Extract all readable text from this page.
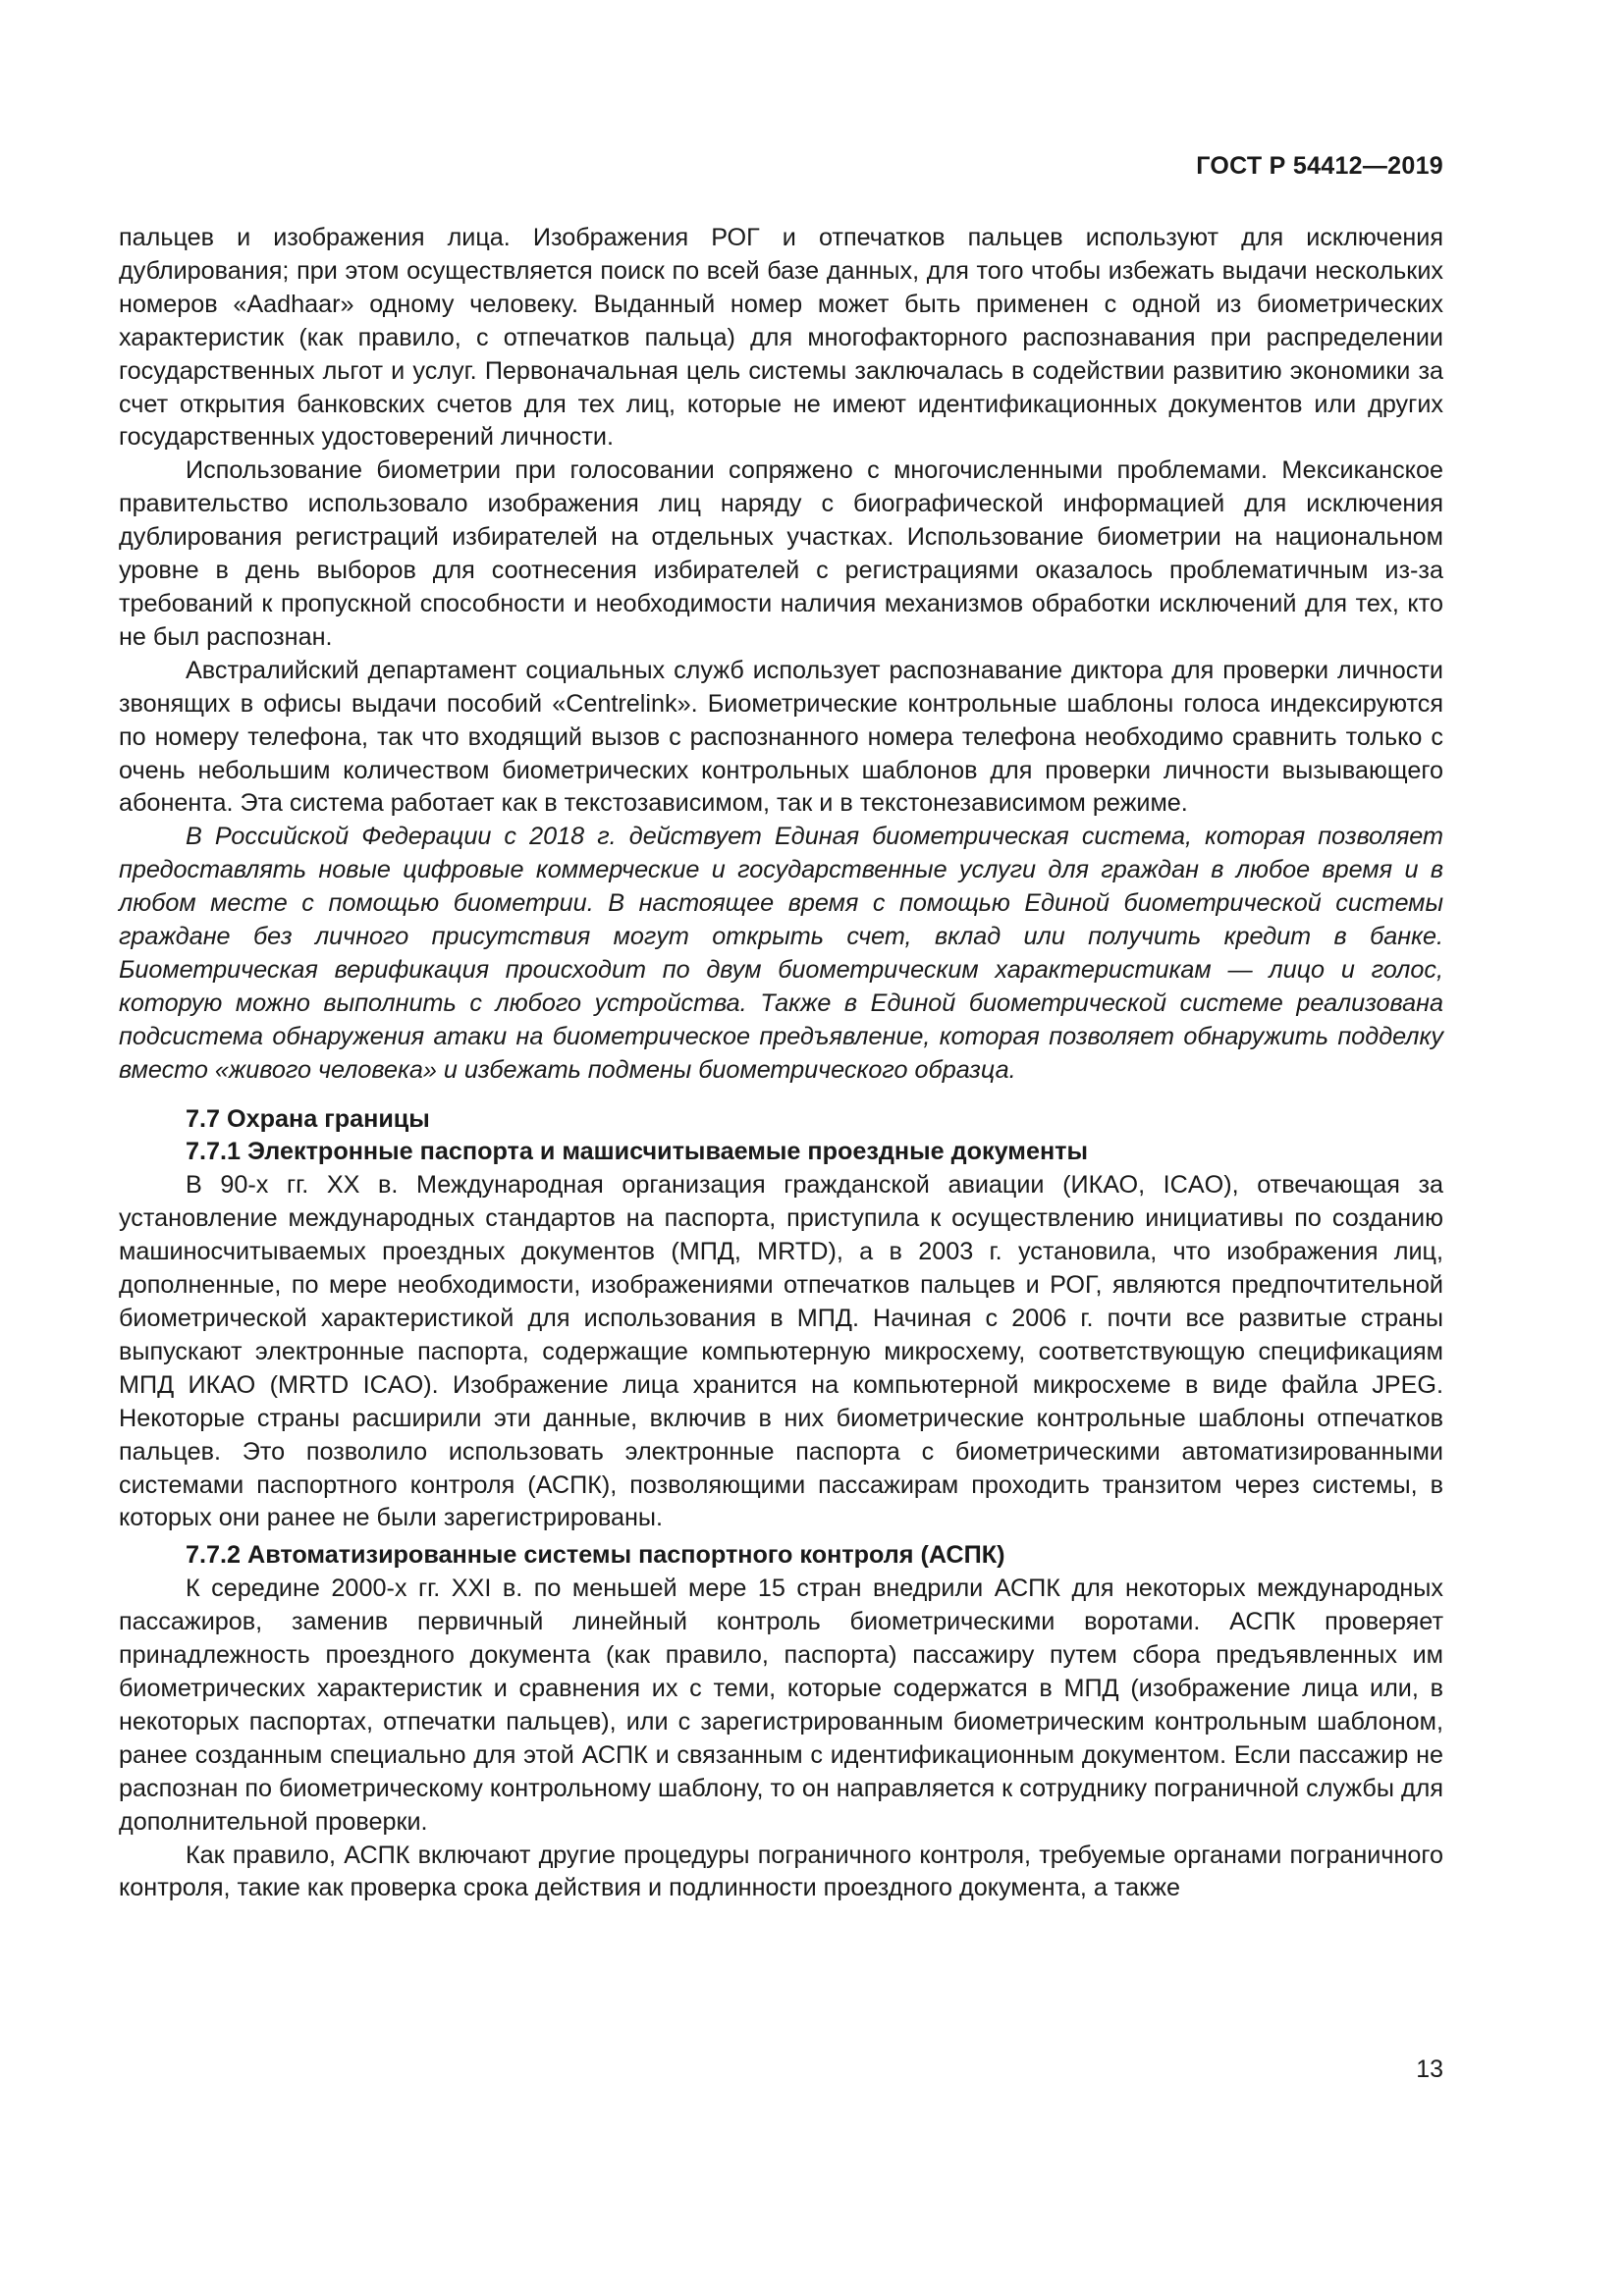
ГОСТ Р 54412—2019

пальцев и изображения лица. Изображения РОГ и отпечатков пальцев используют для исключения дублирования; при этом осуществляется поиск по всей базе данных, для того чтобы избежать выдачи нескольких номеров «Aadhaar» одному человеку. Выданный номер может быть применен с одной из биометрических характеристик (как правило, с отпечатков пальца) для многофакторного распознавания при распределении государственных льгот и услуг. Первоначальная цель системы заключалась в содействии развитию экономики за счет открытия банковских счетов для тех лиц, которые не имеют идентификационных документов или других государственных удостоверений личности.

Использование биометрии при голосовании сопряжено с многочисленными проблемами. Мексиканское правительство использовало изображения лиц наряду с биографической информацией для исключения дублирования регистраций избирателей на отдельных участках. Использование биометрии на национальном уровне в день выборов для соотнесения избирателей с регистрациями оказалось проблематичным из-за требований к пропускной способности и необходимости наличия механизмов обработки исключений для тех, кто не был распознан.

Австралийский департамент социальных служб использует распознавание диктора для проверки личности звонящих в офисы выдачи пособий «Centrelink». Биометрические контрольные шаблоны голоса индексируются по номеру телефона, так что входящий вызов с распознанного номера телефона необходимо сравнить только с очень небольшим количеством биометрических контрольных шаблонов для проверки личности вызывающего абонента. Эта система работает как в текстозависимом, так и в текстонезависимом режиме.

В Российской Федерации с 2018 г. действует Единая биометрическая система, которая позволяет предоставлять новые цифровые коммерческие и государственные услуги для граждан в любое время и в любом месте с помощью биометрии. В настоящее время с помощью Единой биометрической системы граждане без личного присутствия могут открыть счет, вклад или получить кредит в банке. Биометрическая верификация происходит по двум биометрическим характеристикам — лицо и голос, которую можно выполнить с любого устройства. Также в Единой биометрической системе реализована подсистема обнаружения атаки на биометрическое предъявление, которая позволяет обнаружить подделку вместо «живого человека» и избежать подмены биометрического образца.

7.7 Охрана границы

7.7.1 Электронные паспорта и машисчитываемые проездные документы

В 90-х гг. XX в. Международная организация гражданской авиации (ИКАО, ICAO), отвечающая за установление международных стандартов на паспорта, приступила к осуществлению инициативы по созданию машиносчитываемых проездных документов (МПД, MRTD), а в 2003 г. установила, что изображения лиц, дополненные, по мере необходимости, изображениями отпечатков пальцев и РОГ, являются предпочтительной биометрической характеристикой для использования в МПД. Начиная с 2006 г. почти все развитые страны выпускают электронные паспорта, содержащие компьютерную микросхему, соответствующую спецификациям МПД ИКАО (MRTD ICAO). Изображение лица хранится на компьютерной микросхеме в виде файла JPEG. Некоторые страны расширили эти данные, включив в них биометрические контрольные шаблоны отпечатков пальцев. Это позволило использовать электронные паспорта с биометрическими автоматизированными системами паспортного контроля (АСПК), позволяющими пассажирам проходить транзитом через системы, в которых они ранее не были зарегистрированы.

7.7.2 Автоматизированные системы паспортного контроля (АСПК)

К середине 2000-х гг. XXI в. по меньшей мере 15 стран внедрили АСПК для некоторых международных пассажиров, заменив первичный линейный контроль биометрическими воротами. АСПК проверяет принадлежность проездного документа (как правило, паспорта) пассажиру путем сбора предъявленных им биометрических характеристик и сравнения их с теми, которые содержатся в МПД (изображение лица или, в некоторых паспортах, отпечатки пальцев), или с зарегистрированным биометрическим контрольным шаблоном, ранее созданным специально для этой АСПК и связанным с идентификационным документом. Если пассажир не распознан по биометрическому контрольному шаблону, то он направляется к сотруднику пограничной службы для дополнительной проверки.

Как правило, АСПК включают другие процедуры пограничного контроля, требуемые органами пограничного контроля, такие как проверка срока действия и подлинности проездного документа, а также

13
